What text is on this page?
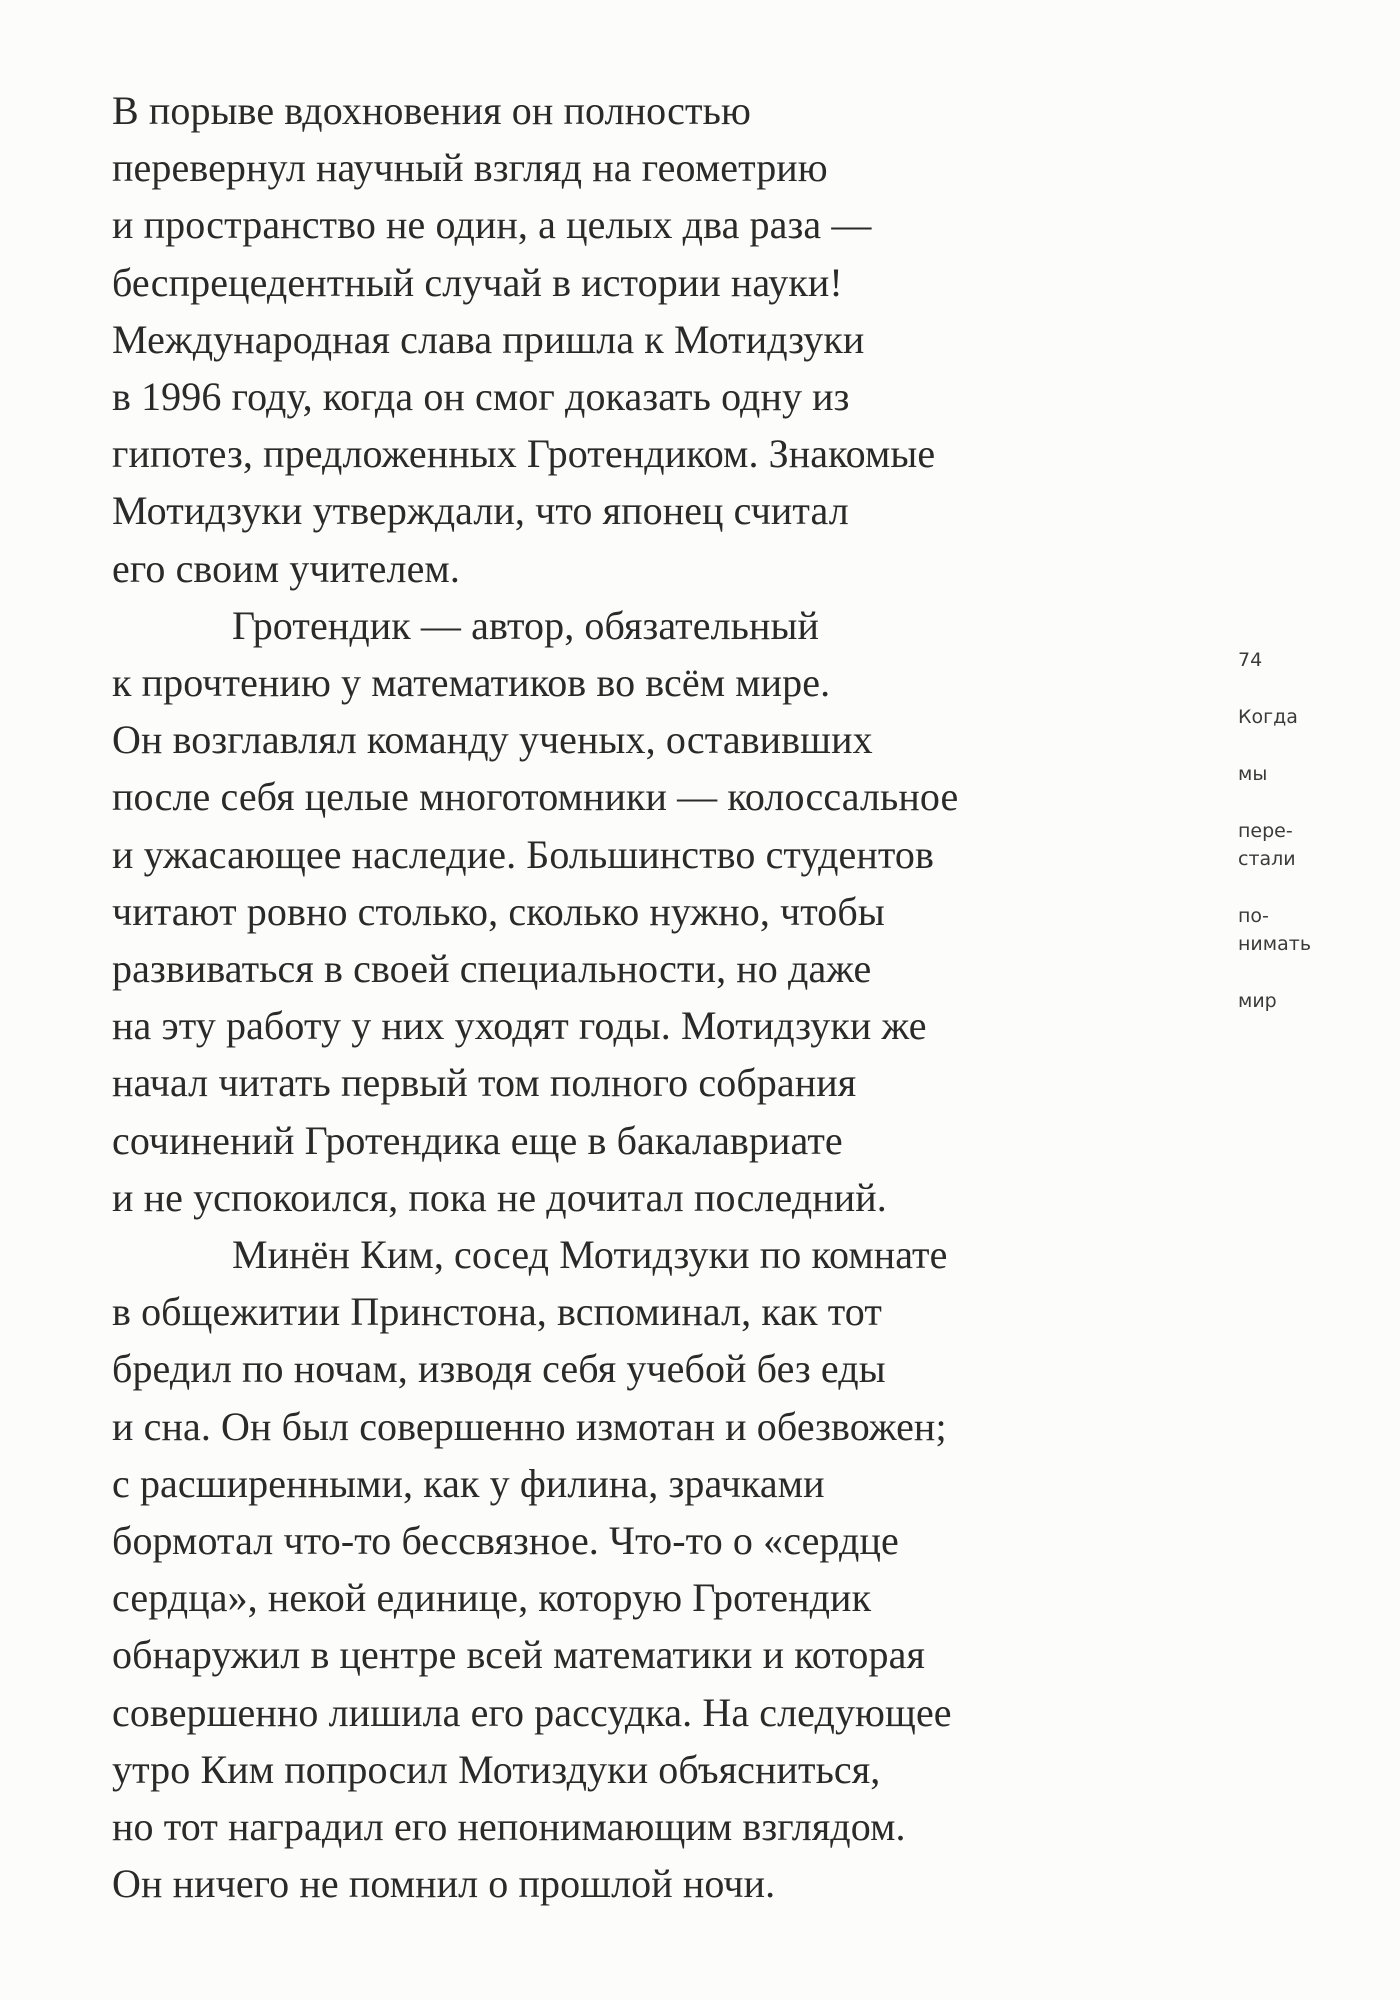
В порыве вдохновения он полностью
перевернул научный взгляд на геометрию
и пространство не один, а целых два раза —
беспрецедентный случай в истории науки!
Международная слава пришла к Мотидзуки
в 1996 году, когда он смог доказать одну из
гипотез, предложенных Гротендиком. Знакомые
Мотидзуки утверждали, что японец считал
его своим учителем.
Гротендик — автор, обязательный
к прочтению у математиков во всём мире.
Он возглавлял команду ученых, оставивших
после себя целые многотомники — колоссальное
и ужасающее наследие. Большинство студентов
читают ровно столько, сколько нужно, чтобы
развиваться в своей специальности, но даже
на эту работу у них уходят годы. Мотидзуки же
начал читать первый том полного собрания
сочинений Гротендика еще в бакалавриате
и не успокоился, пока не дочитал последний.
Минён Ким, сосед Мотидзуки по комнате
в общежитии Принстона, вспоминал, как тот
бредил по ночам, изводя себя учебой без еды
и сна. Он был совершенно измотан и обезвожен;
с расширенными, как у филина, зрачками
бормотал что-то бессвязное. Что-то о «сердце
сердца», некой единице, которую Гротендик
обнаружил в центре всей математики и которая
совершенно лишила его рассудка. На следующее
утро Ким попросил Мотиздуки объясниться,
но тот наградил его непонимающим взглядом.
Он ничего не помнил о прошлой ночи.
74
Когда
мы
пере-
стали
по-
нимать
мир
